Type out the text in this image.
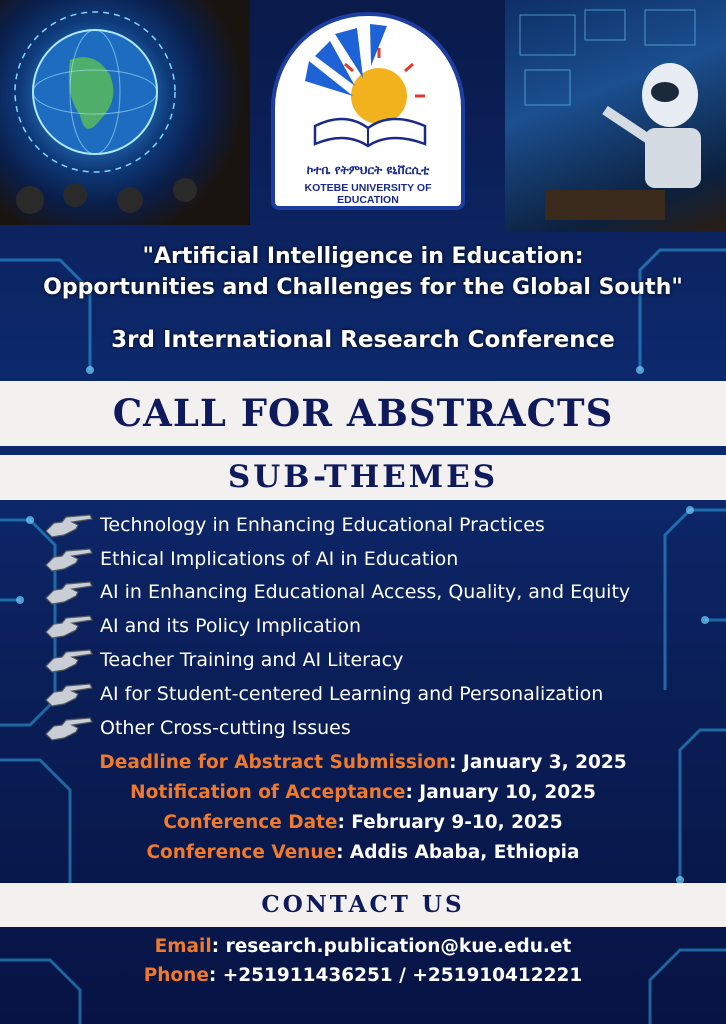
ኮተቤ የትምህርት ዩኒቨርሲቲ
KOTEBE UNIVERSITY OF EDUCATION
"Artificial Intelligence in Education:
Opportunities and Challenges for the Global South"
3rd International Research Conference
CALL FOR ABSTRACTS
SUB-THEMES
Technology in Enhancing Educational Practices
Ethical Implications of AI in Education
AI in Enhancing Educational Access, Quality, and Equity
AI and its Policy Implication
Teacher Training and AI Literacy
AI for Student-centered Learning and Personalization
Other Cross-cutting Issues
Deadline for Abstract Submission: January 3, 2025
Notification of Acceptance: January 10, 2025
Conference Date: February 9-10, 2025
Conference Venue: Addis Ababa, Ethiopia
CONTACT US
Email: research.publication@kue.edu.et
Phone: +251911436251 / +251910412221
